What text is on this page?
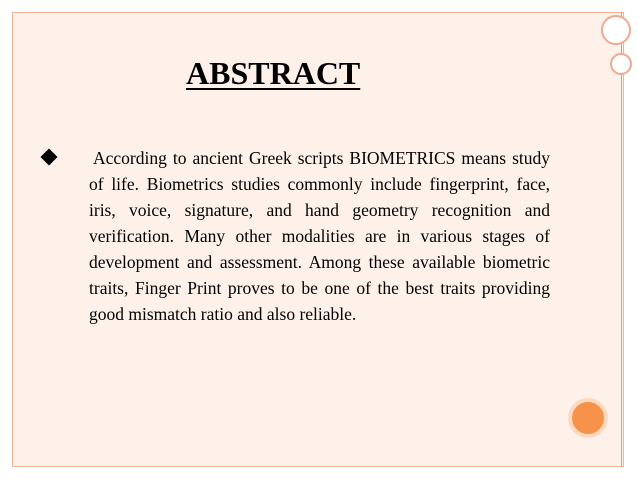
ABSTRACT

According to ancient Greek scripts BIOMETRICS means study of life. Biometrics studies commonly include fingerprint, face, iris, voice, signature, and hand geometry recognition and verification. Many other modalities are in various stages of development and assessment. Among these available biometric traits, Finger Print proves to be one of the best traits providing good mismatch ratio and also reliable.
